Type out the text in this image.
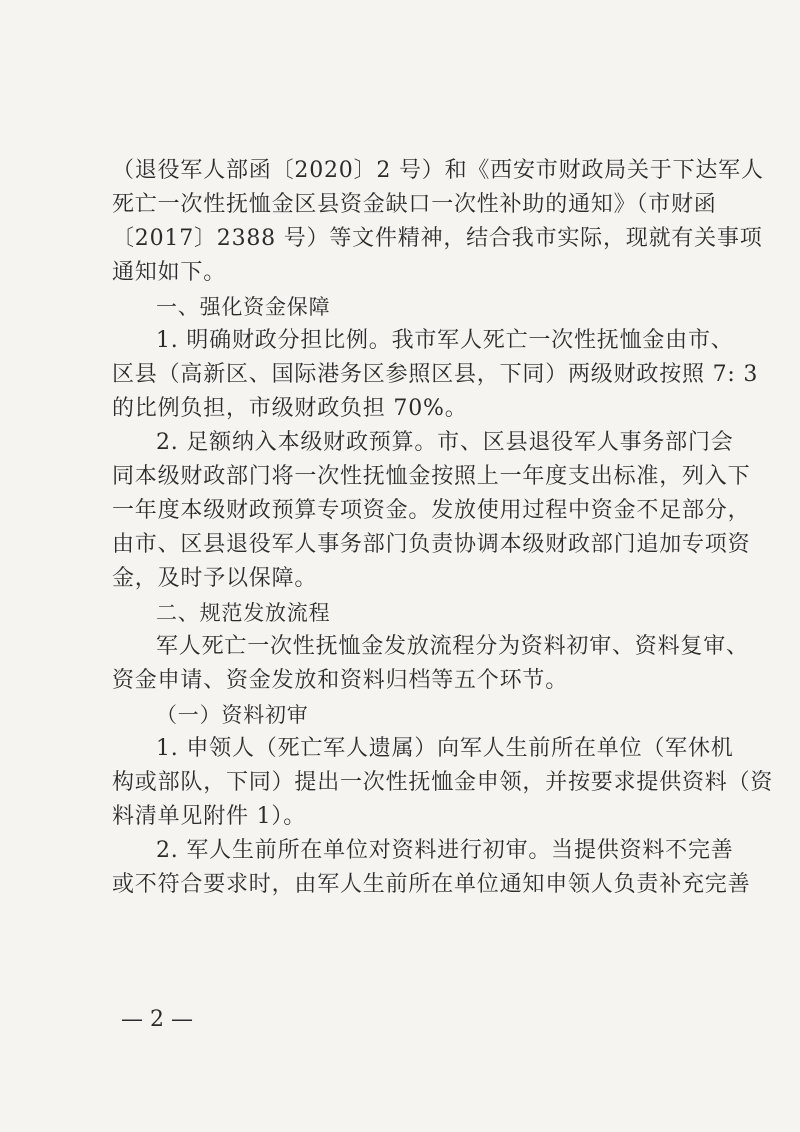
（退役军人部函〔2020〕2 号）和《西安市财政局关于下达军人
死亡一次性抚恤金区县资金缺口一次性补助的通知》（市财函
〔2017〕2388 号）等文件精神，结合我市实际，现就有关事项
通知如下。
一、强化资金保障
1. 明确财政分担比例。我市军人死亡一次性抚恤金由市、
区县（高新区、国际港务区参照区县，下同）两级财政按照 7: 3
的比例负担，市级财政负担 70%。
2. 足额纳入本级财政预算。市、区县退役军人事务部门会
同本级财政部门将一次性抚恤金按照上一年度支出标准，列入下
一年度本级财政预算专项资金。发放使用过程中资金不足部分，
由市、区县退役军人事务部门负责协调本级财政部门追加专项资
金，及时予以保障。
二、规范发放流程
军人死亡一次性抚恤金发放流程分为资料初审、资料复审、
资金申请、资金发放和资料归档等五个环节。
（一）资料初审
1. 申领人（死亡军人遗属）向军人生前所在单位（军休机
构或部队，下同）提出一次性抚恤金申领，并按要求提供资料（资
料清单见附件 1）。
2. 军人生前所在单位对资料进行初审。当提供资料不完善
或不符合要求时，由军人生前所在单位通知申领人负责补充完善
— 2 —
